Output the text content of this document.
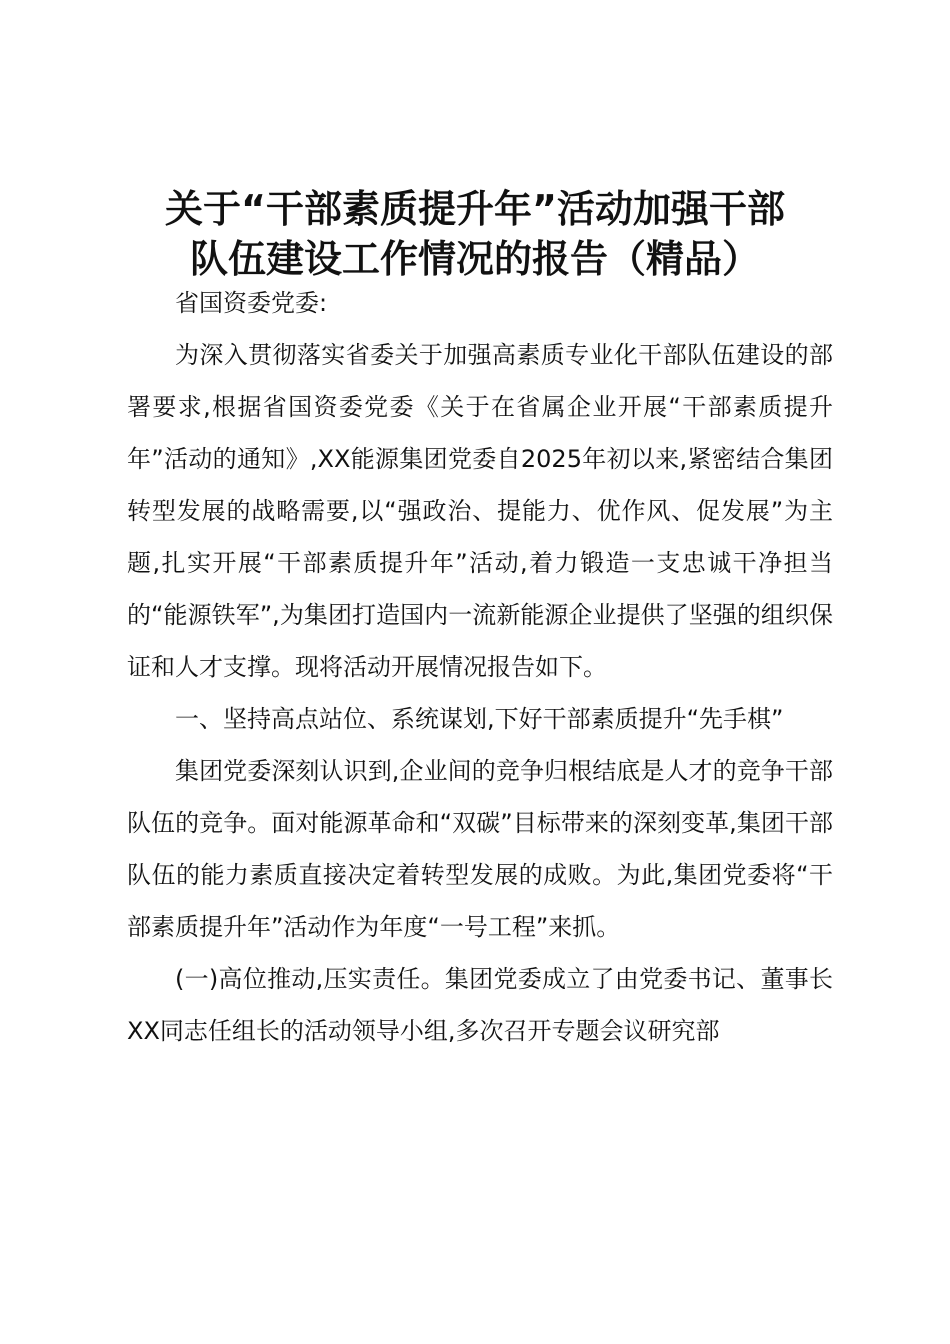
关于“干部素质提升年”活动加强干部
队伍建设工作情况的报告（精品）

省国资委党委:

为深入贯彻落实省委关于加强高素质专业化干部队伍建设的部署要求,根据省国资委党委《关于在省属企业开展“干部素质提升年”活动的通知》,XX能源集团党委自2025年初以来,紧密结合集团转型发展的战略需要,以“强政治、提能力、优作风、促发展”为主题,扎实开展“干部素质提升年”活动,着力锻造一支忠诚干净担当的“能源铁军”,为集团打造国内一流新能源企业提供了坚强的组织保证和人才支撑。现将活动开展情况报告如下。

一、坚持高点站位、系统谋划,下好干部素质提升“先手棋”

集团党委深刻认识到,企业间的竞争归根结底是人才的竞争干部队伍的竞争。面对能源革命和“双碳”目标带来的深刻变革,集团干部队伍的能力素质直接决定着转型发展的成败。为此,集团党委将“干部素质提升年”活动作为年度“一号工程”来抓。

(一)高位推动,压实责任。集团党委成立了由党委书记、董事长XX同志任组长的活动领导小组,多次召开专题会议研究部
